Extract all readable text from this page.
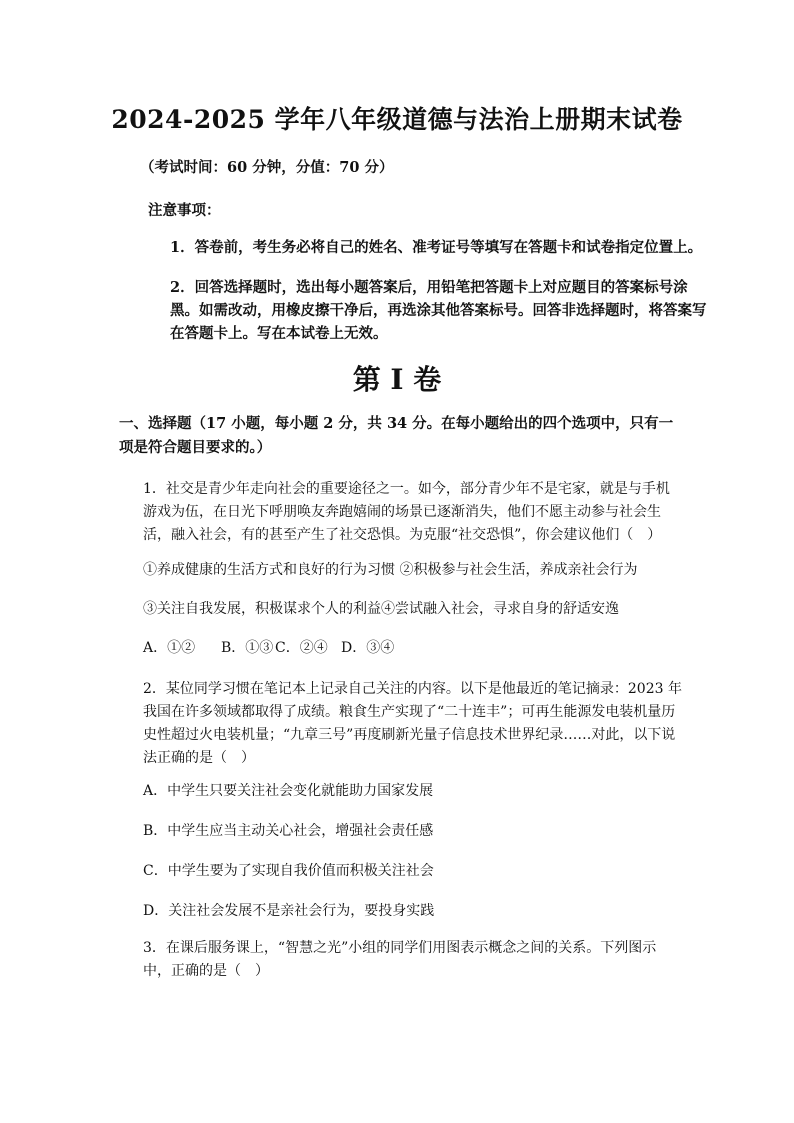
2024-2025 学年八年级道德与法治上册期末试卷

（考试时间：60 分钟，分值：70 分）

注意事项：

1．答卷前，考生务必将自己的姓名、准考证号等填写在答题卡和试卷指定位置上。

2．回答选择题时，选出每小题答案后，用铅笔把答题卡上对应题目的答案标号涂黑。如需改动，用橡皮擦干净后，再选涂其他答案标号。回答非选择题时，将答案写在答题卡上。写在本试卷上无效。

第 I 卷

一、选择题（17 小题，每小题 2 分，共 34 分。在每小题给出的四个选项中，只有一项是符合题目要求的。）

1．社交是青少年走向社会的重要途径之一。如今，部分青少年不是宅家，就是与手机游戏为伍，在日光下呼朋唤友奔跑嬉闹的场景已逐渐消失，他们不愿主动参与社会生活，融入社会，有的甚至产生了社交恐惧。为克服“社交恐惧”，你会建议他们（　）

①养成健康的生活方式和良好的行为习惯 ②积极参与社会生活，养成亲社会行为

③关注自我发展，积极谋求个人的利益④尝试融入社会，寻求自身的舒适安逸

A．①② B．①③ C．②④ D．③④

2．某位同学习惯在笔记本上记录自己关注的内容。以下是他最近的笔记摘录：2023 年我国在许多领域都取得了成绩。粮食生产实现了“二十连丰”；可再生能源发电装机量历史性超过火电装机量；“九章三号”再度刷新光量子信息技术世界纪录……对此，以下说法正确的是（　）

A．中学生只要关注社会变化就能助力国家发展

B．中学生应当主动关心社会，增强社会责任感

C．中学生要为了实现自我价值而积极关注社会

D．关注社会发展不是亲社会行为，要投身实践

3．在课后服务课上，“智慧之光”小组的同学们用图表示概念之间的关系。下列图示中，正确的是（　）
